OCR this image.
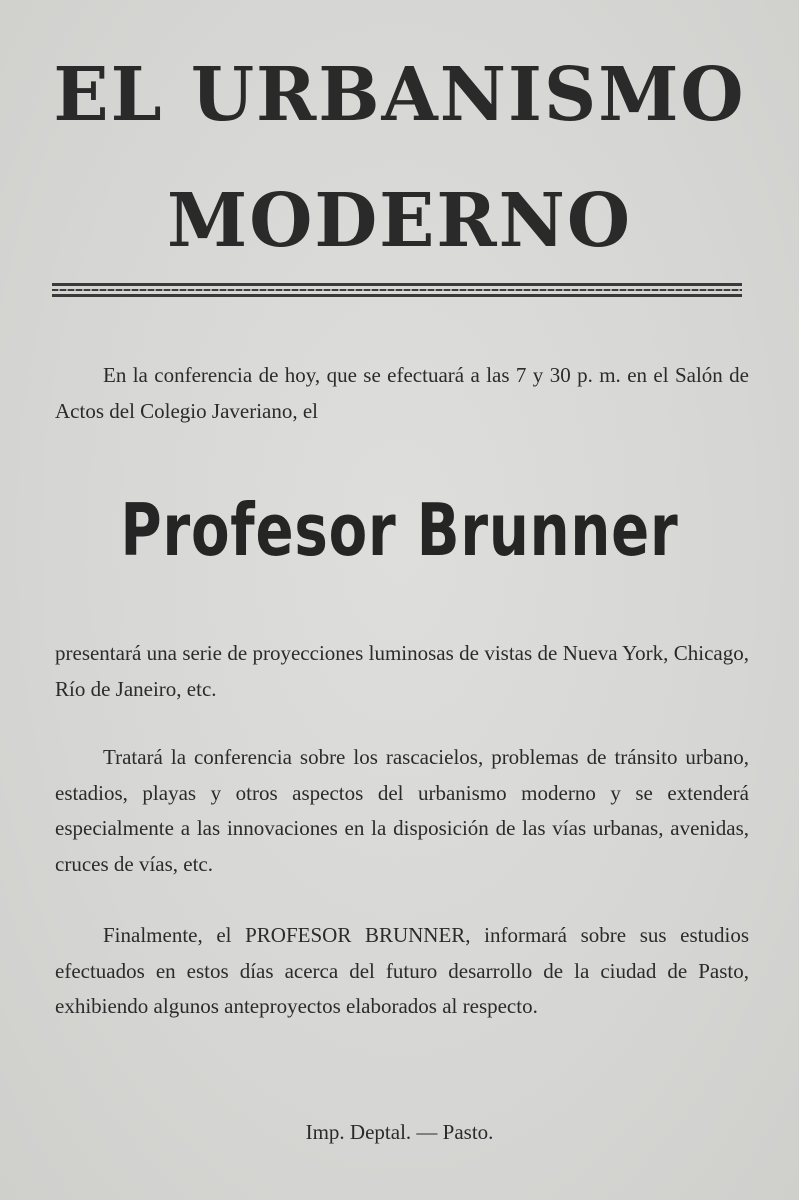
EL URBANISMO
MODERNO

En la conferencia de hoy, que se efectuará a las 7 y 30 p. m. en el Salón de Actos del Colegio Javeriano, el

Profesor Brunner

presentará una serie de proyecciones luminosas de vistas de Nueva York, Chicago, Río de Janeiro, etc.

Tratará la conferencia sobre los rascacielos, problemas de tránsito urbano, estadios, playas y otros aspectos del urbanismo moderno y se extenderá especialmente a las innovaciones en la disposición de las vías urbanas, avenidas, cruces de vías, etc.

Finalmente, el PROFESOR BRUNNER, informará sobre sus estudios efectuados en estos días acerca del futuro desarrollo de la ciudad de Pasto, exhibiendo algunos anteproyectos elaborados al respecto.

Imp. Deptal. — Pasto.
